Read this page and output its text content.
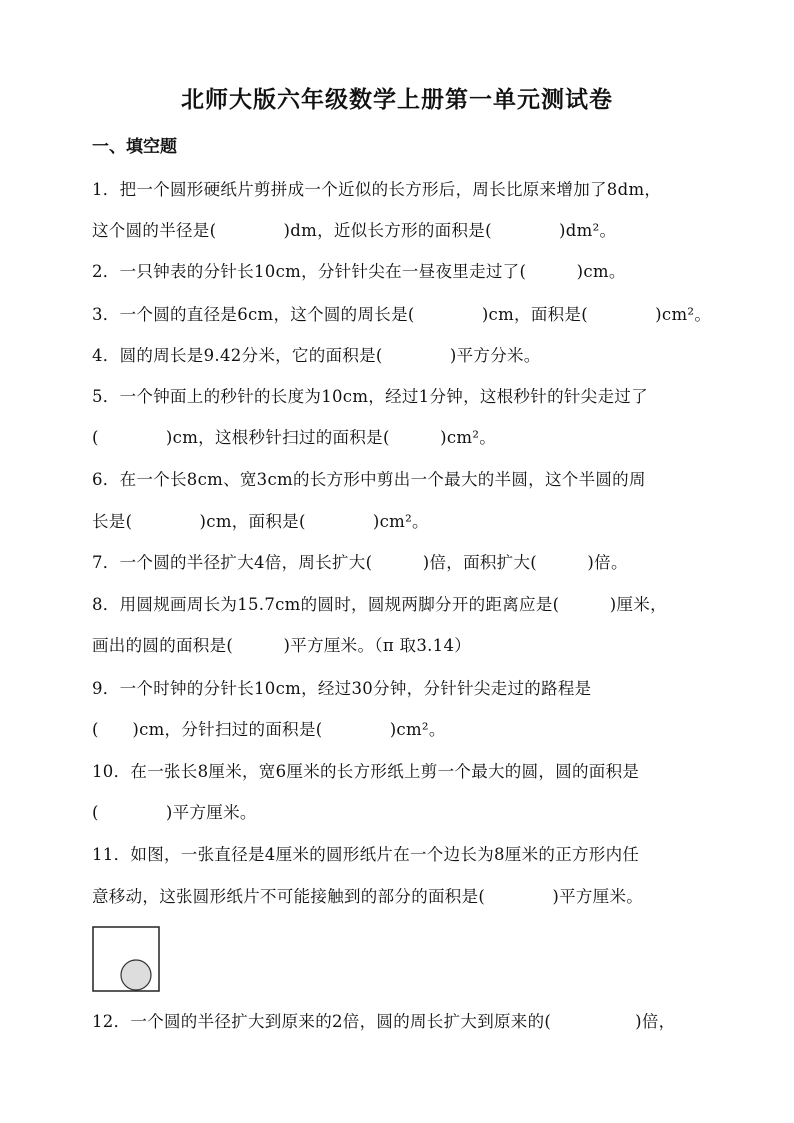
北师大版六年级数学上册第一单元测试卷
一、填空题
1．把一个圆形硬纸片剪拼成一个近似的长方形后，周长比原来增加了8dm，
这个圆的半径是(　　　　)dm，近似长方形的面积是(　　　　)dm²。
2．一只钟表的分针长10cm，分针针尖在一昼夜里走过了(　　　)cm。
3．一个圆的直径是6cm，这个圆的周长是(　　　　)cm，面积是(　　　　)cm²。
4．圆的周长是9.42分米，它的面积是(　　　　)平方分米。
5．一个钟面上的秒针的长度为10cm，经过1分钟，这根秒针的针尖走过了
(　　　　)cm，这根秒针扫过的面积是(　　　)cm²。
6．在一个长8cm、宽3cm的长方形中剪出一个最大的半圆，这个半圆的周
长是(　　　　)cm，面积是(　　　　)cm²。
7．一个圆的半径扩大4倍，周长扩大(　　　)倍，面积扩大(　　　)倍。
8．用圆规画周长为15.7cm的圆时，圆规两脚分开的距离应是(　　　)厘米，
画出的圆的面积是(　　　)平方厘米。（π 取3.14）
9．一个时钟的分针长10cm，经过30分钟，分针针尖走过的路程是
(　　)cm，分针扫过的面积是(　　　　)cm²。
10．在一张长8厘米，宽6厘米的长方形纸上剪一个最大的圆，圆的面积是
(　　　　)平方厘米。
11．如图，一张直径是4厘米的圆形纸片在一个边长为8厘米的正方形内任
意移动，这张圆形纸片不可能接触到的部分的面积是(　　　　)平方厘米。
12．一个圆的半径扩大到原来的2倍，圆的周长扩大到原来的(　　　　　)倍，
